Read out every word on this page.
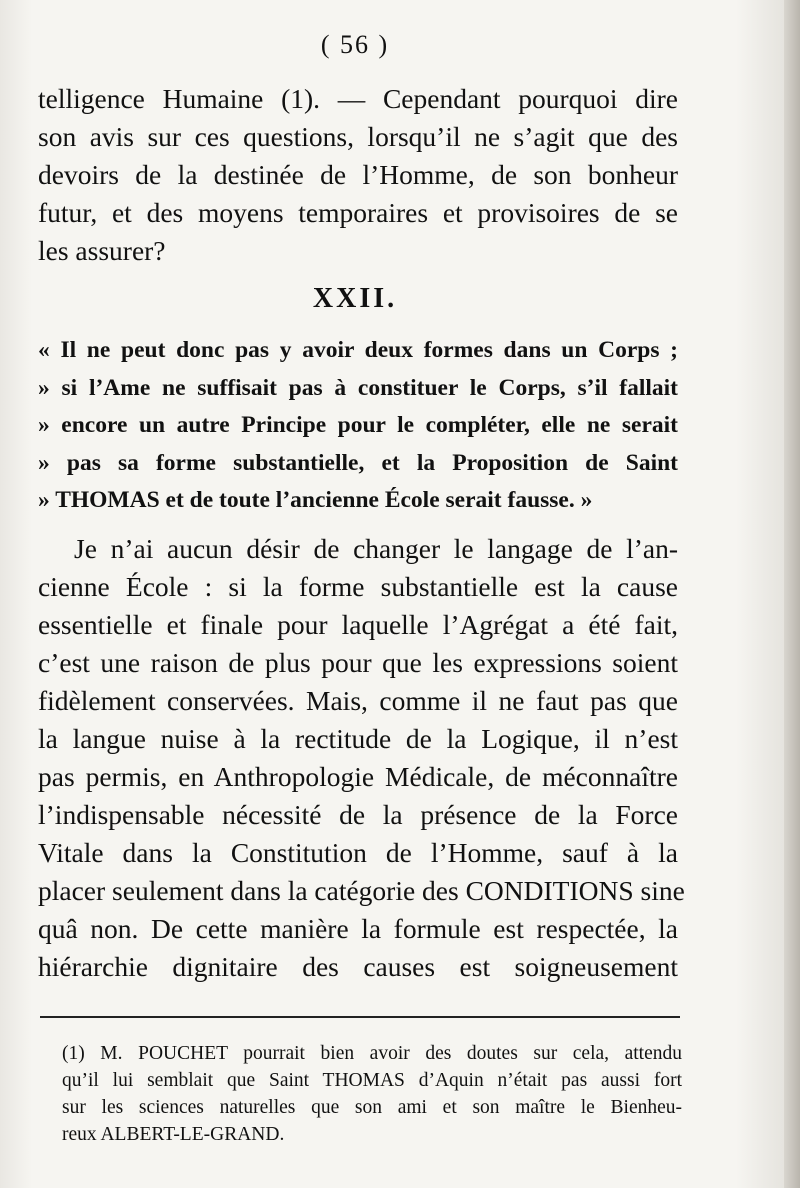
( 56 )
telligence Humaine (1). — Cependant pourquoi dire
son avis sur ces questions, lorsqu’il ne s’agit que des
devoirs de la destinée de l’Homme, de son bonheur
futur, et des moyens temporaires et provisoires de se
les assurer?
XXII.
« Il ne peut donc pas y avoir deux formes dans un Corps ;
» si l’Ame ne suffisait pas à constituer le Corps, s’il fallait
» encore un autre Principe pour le compléter, elle ne serait
» pas sa forme substantielle, et la Proposition de Saint
» THOMAS et de toute l’ancienne École serait fausse. »
Je n’ai aucun désir de changer le langage de l’an-
cienne École : si la forme substantielle est la cause
essentielle et finale pour laquelle l’Agrégat a été fait,
c’est une raison de plus pour que les expressions soient
fidèlement conservées. Mais, comme il ne faut pas que
la langue nuise à la rectitude de la Logique, il n’est
pas permis, en Anthropologie Médicale, de méconnaître
l’indispensable nécessité de la présence de la Force
Vitale dans la Constitution de l’Homme, sauf à la
placer seulement dans la catégorie des CONDITIONS sine
quâ non. De cette manière la formule est respectée, la
hiérarchie dignitaire des causes est soigneusement
(1) M. POUCHET pourrait bien avoir des doutes sur cela, attendu
qu’il lui semblait que Saint THOMAS d’Aquin n’était pas aussi fort
sur les sciences naturelles que son ami et son maître le Bienheu-
reux ALBERT-LE-GRAND.
